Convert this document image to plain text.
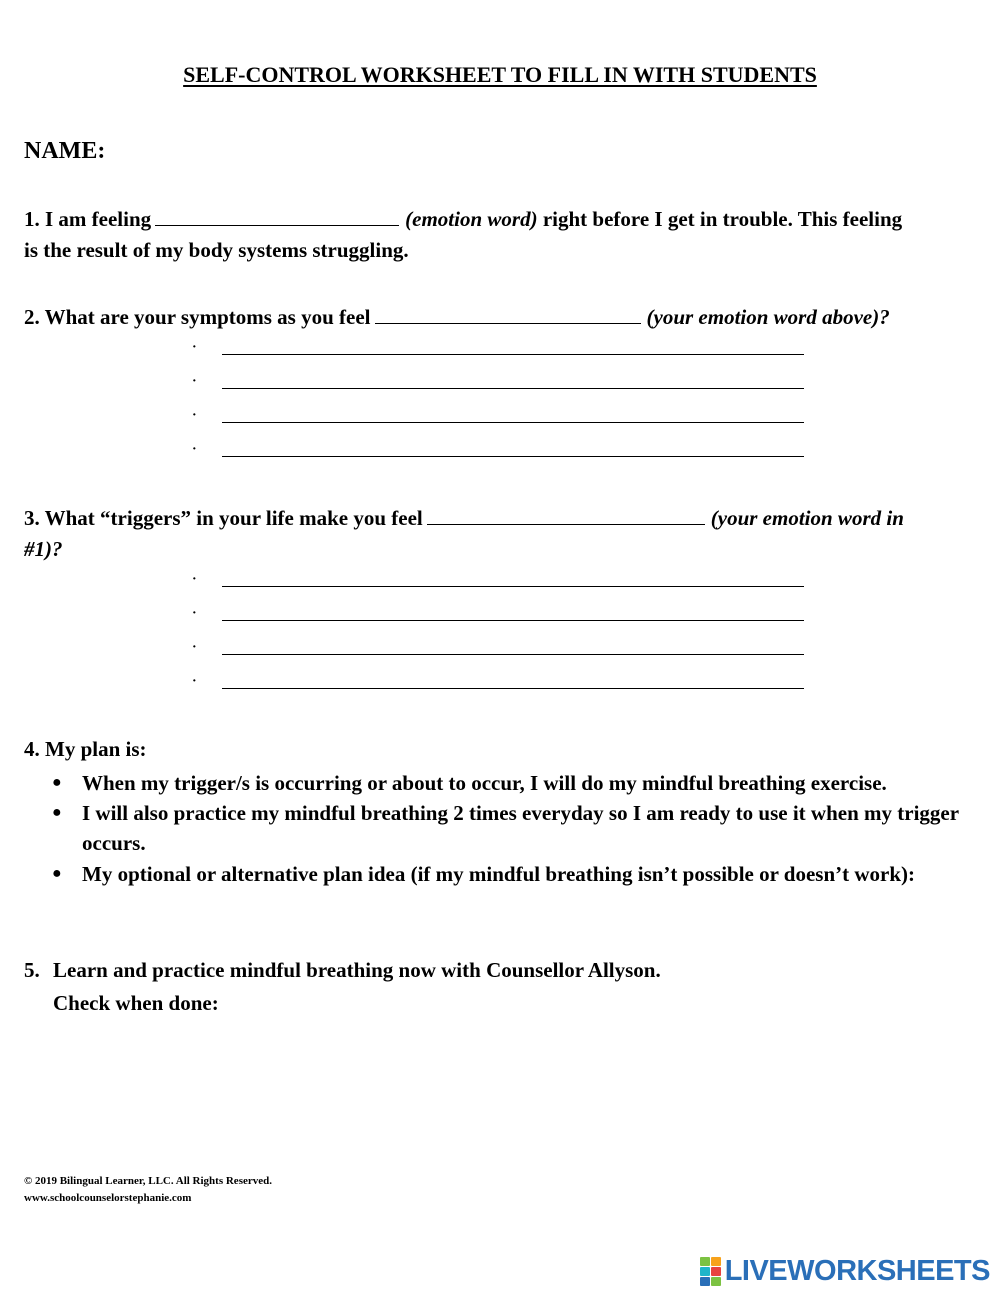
SELF-CONTROL WORKSHEET TO FILL IN WITH STUDENTS
NAME:
1. I am feeling	(emotion word) right before I get in trouble. This feeling
is the result of my body systems struggling.
2. What are your symptoms as you feel	(your emotion word above)?
·
·
·
·
3. What “triggers” in your life make you feel	(your emotion word in
#1)?
·
·
·
·
4. My plan is:
● When my trigger/s is occurring or about to occur, I will do my mindful breathing exercise.
● I will also practice my mindful breathing 2 times everyday so I am ready to use it when my trigger occurs.
● My optional or alternative plan idea (if my mindful breathing isn’t possible or doesn’t work):
5. Learn and practice mindful breathing now with Counsellor Allyson.
Check when done:
© 2019 Bilingual Learner, LLC. All Rights Reserved.
www.schoolcounselorstephanie.com
LIVEWORKSHEETS
